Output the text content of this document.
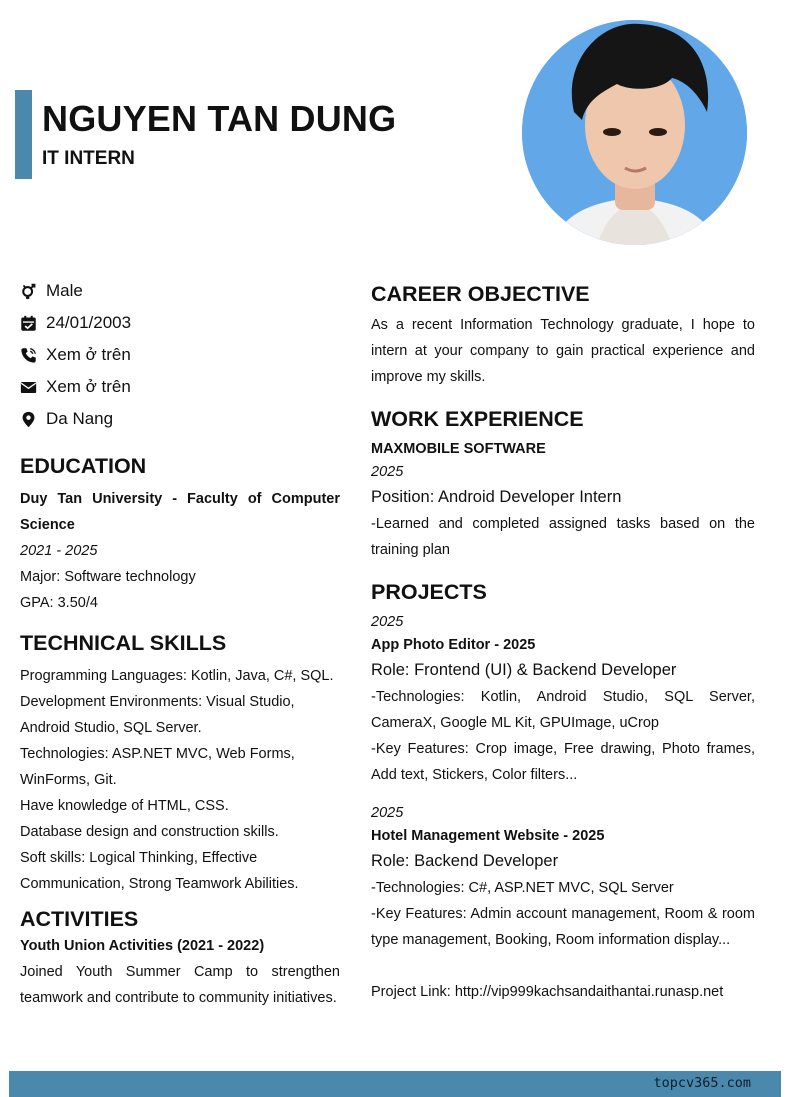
NGUYEN TAN DUNG
IT INTERN
Male
24/01/2003
Xem ở trên
Xem ở trên
Da Nang
EDUCATION
Duy Tan University - Faculty of Computer Science
2021 - 2025
Major: Software technology
GPA: 3.50/4
TECHNICAL SKILLS
Programming Languages: Kotlin, Java, C#, SQL.
Development Environments: Visual Studio, Android Studio, SQL Server.
Technologies: ASP.NET MVC, Web Forms, WinForms, Git.
Have knowledge of HTML, CSS.
Database design and construction skills.
Soft skills: Logical Thinking, Effective Communication, Strong Teamwork Abilities.
ACTIVITIES
Youth Union Activities (2021 - 2022)
Joined Youth Summer Camp to strengthen teamwork and contribute to community initiatives.
CAREER OBJECTIVE
As a recent Information Technology graduate, I hope to intern at your company to gain practical experience and improve my skills.
WORK EXPERIENCE
MAXMOBILE SOFTWARE
2025
Position: Android Developer Intern
-Learned and completed assigned tasks based on the training plan
PROJECTS
2025
App Photo Editor - 2025
Role: Frontend (UI) & Backend Developer
-Technologies: Kotlin, Android Studio, SQL Server, CameraX, Google ML Kit, GPUImage, uCrop
-Key Features: Crop image, Free drawing, Photo frames, Add text, Stickers, Color filters...
2025
Hotel Management Website - 2025
Role: Backend Developer
-Technologies: C#, ASP.NET MVC, SQL Server
-Key Features: Admin account management, Room & room type management, Booking, Room information display...
Project Link: http://vip999kachsandaithantai.runasp.net
topcv365.com
